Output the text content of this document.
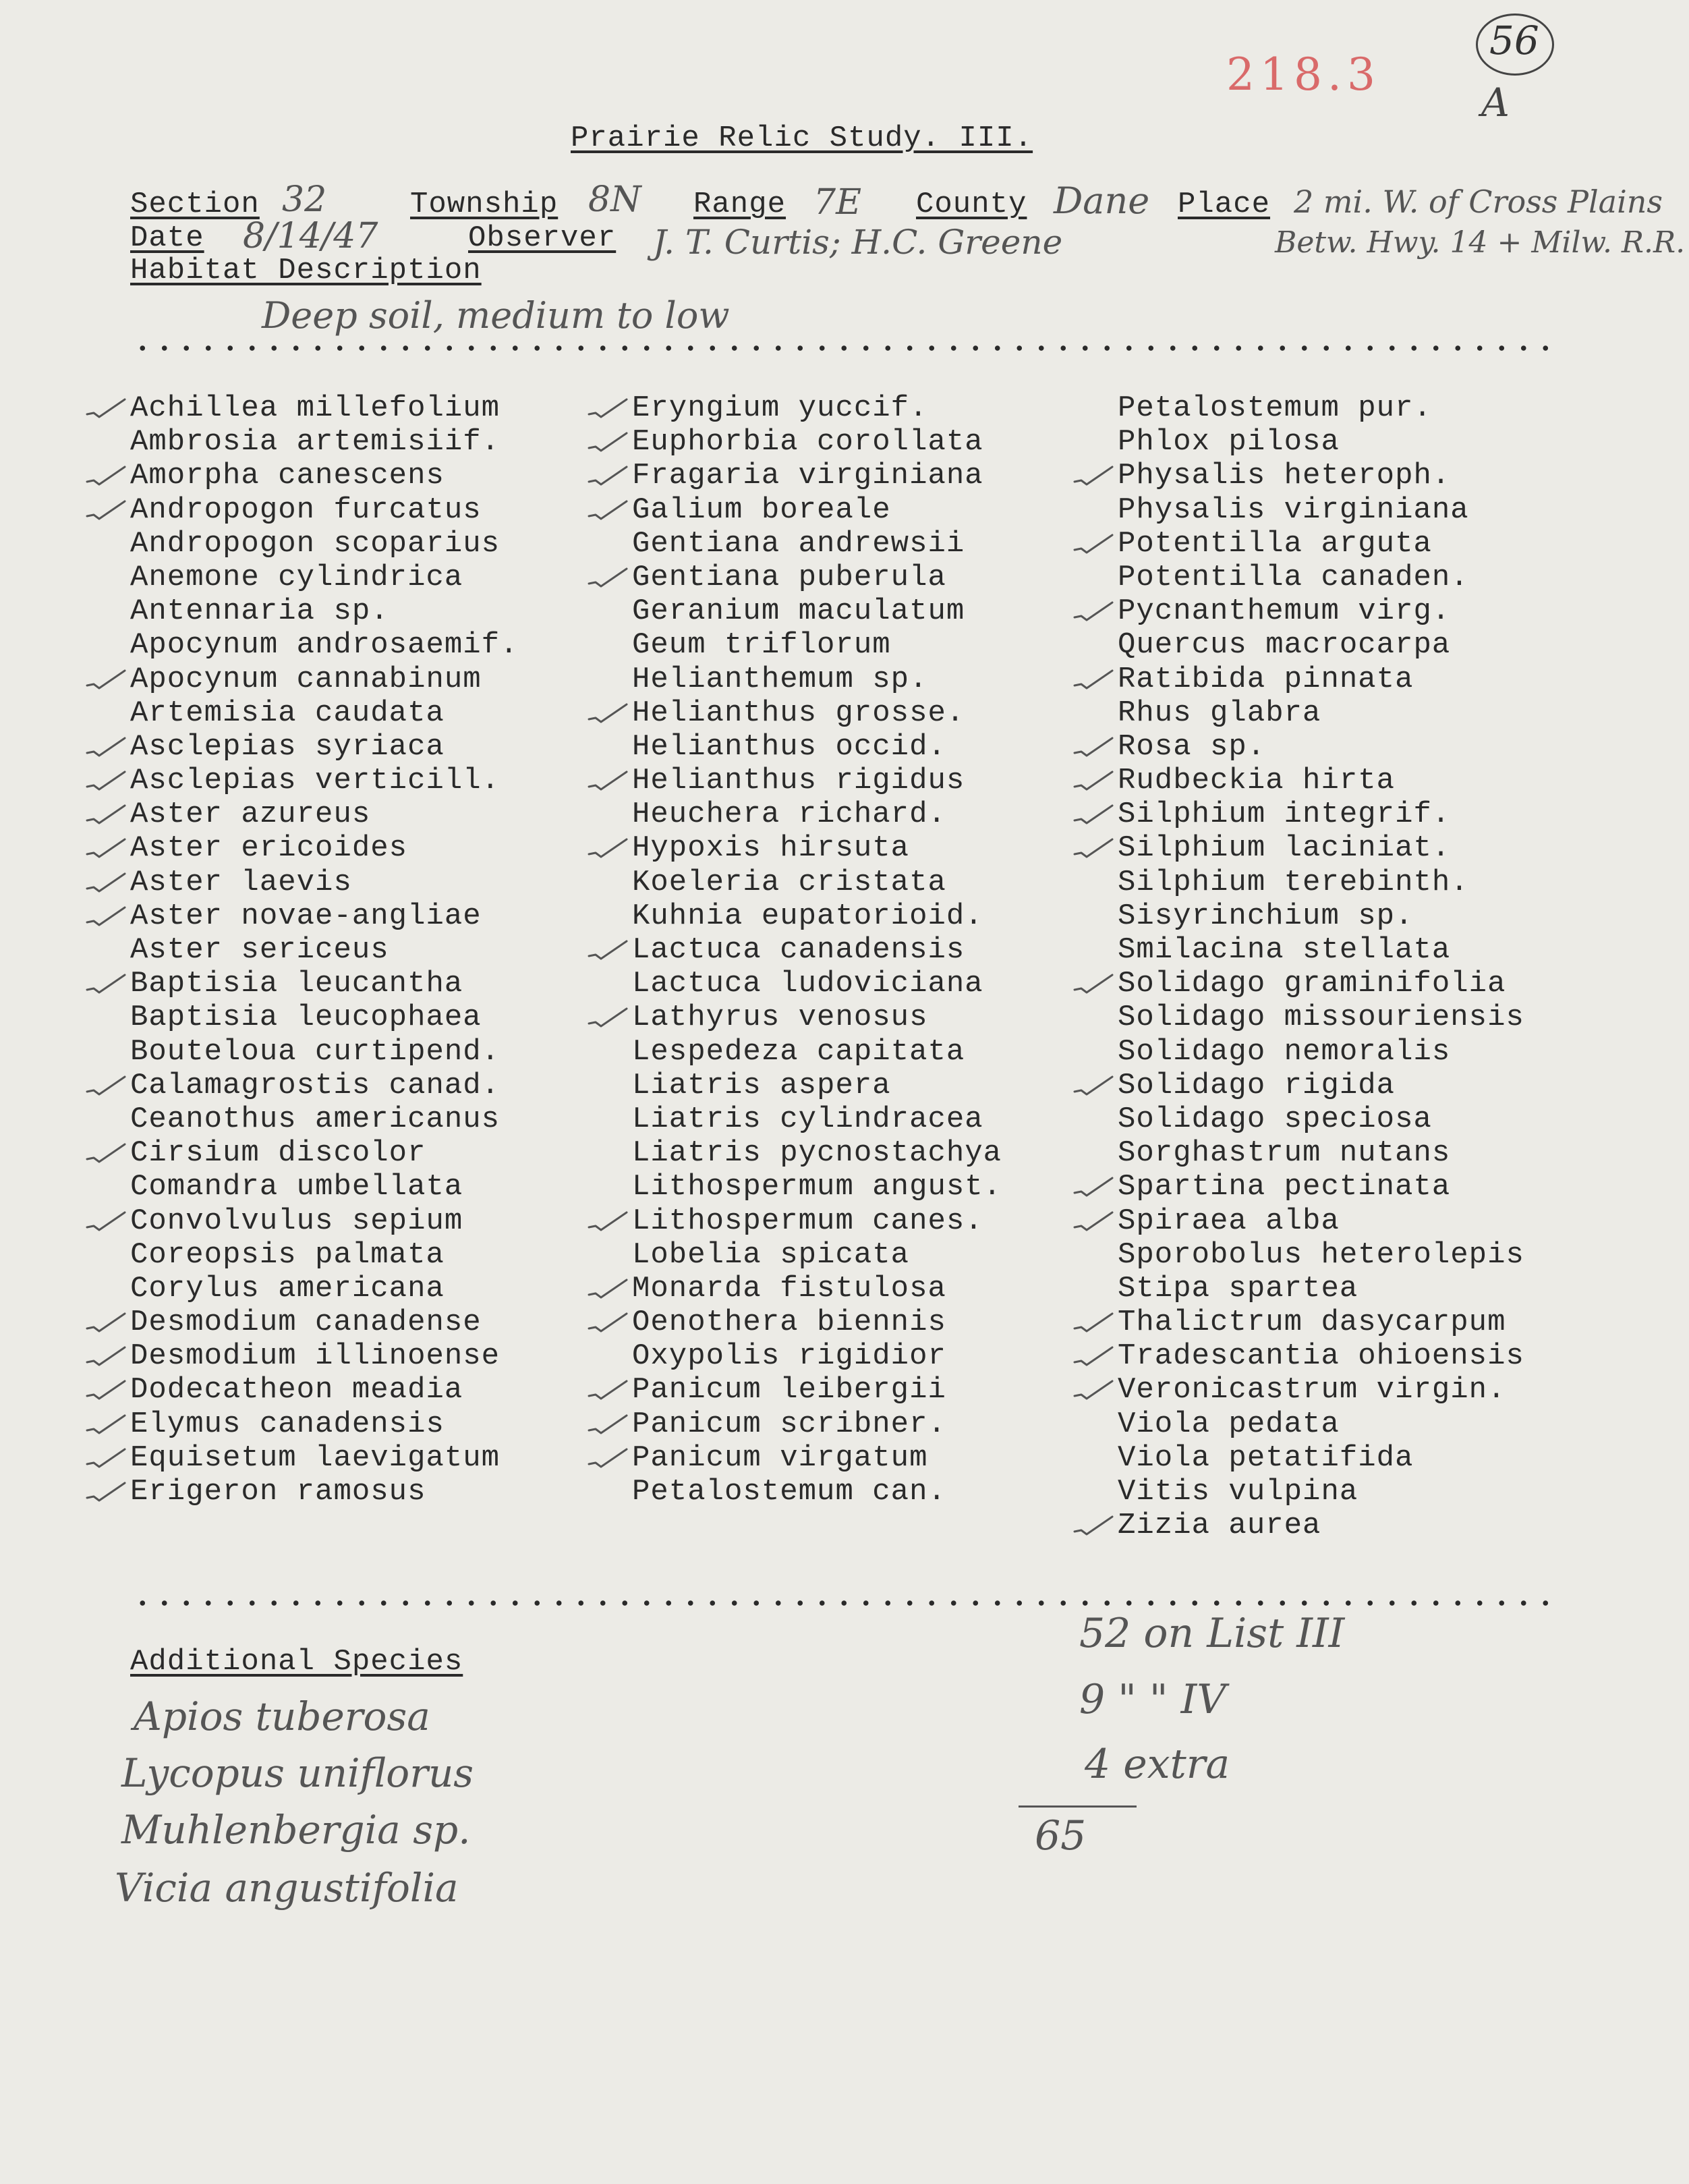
218.3
56
A
Prairie Relic Study. III.
Section 32	Township 8N Range 7E County Dane Place 2 mi. W. of Cross Plains
Betw. Hwy. 14 + Milw. R.R.
Date 8/14/47	Observer J. T. Curtis; H.C. Greene
Habitat Description
Deep soil, medium to low
Achillea millefolium
Ambrosia artemisiif.
Amorpha canescens
Andropogon furcatus
Andropogon scoparius
Anemone cylindrica
Antennaria sp.
Apocynum androsaemif.
Apocynum cannabinum
Artemisia caudata
Asclepias syriaca
Asclepias verticill.
Aster azureus
Aster ericoides
Aster laevis
Aster novae-angliae
Aster sericeus
Baptisia leucantha
Baptisia leucophaea
Bouteloua curtipend.
Calamagrostis canad.
Ceanothus americanus
Cirsium discolor
Comandra umbellata
Convolvulus sepium
Coreopsis palmata
Corylus americana
Desmodium canadense
Desmodium illinoense
Dodecatheon meadia
Elymus canadensis
Equisetum laevigatum
Erigeron ramosus
Eryngium yuccif.
Euphorbia corollata
Fragaria virginiana
Galium boreale
Gentiana andrewsii
Gentiana puberula
Geranium maculatum
Geum triflorum
Helianthemum sp.
Helianthus grosse.
Helianthus occid.
Helianthus rigidus
Heuchera richard.
Hypoxis hirsuta
Koeleria cristata
Kuhnia eupatorioid.
Lactuca canadensis
Lactuca ludoviciana
Lathyrus venosus
Lespedeza capitata
Liatris aspera
Liatris cylindracea
Liatris pycnostachya
Lithospermum angust.
Lithospermum canes.
Lobelia spicata
Monarda fistulosa
Oenothera biennis
Oxypolis rigidior
Panicum leibergii
Panicum scribner.
Panicum virgatum
Petalostemum can.
Petalostemum pur.
Phlox pilosa
Physalis heteroph.
Physalis virginiana
Potentilla arguta
Potentilla canaden.
Pycnanthemum virg.
Quercus macrocarpa
Ratibida pinnata
Rhus glabra
Rosa sp.
Rudbeckia hirta
Silphium integrif.
Silphium laciniat.
Silphium terebinth.
Sisyrinchium sp.
Smilacina stellata
Solidago graminifolia
Solidago missouriensis
Solidago nemoralis
Solidago rigida
Solidago speciosa
Sorghastrum nutans
Spartina pectinata
Spiraea alba
Sporobolus heterolepis
Stipa spartea
Thalictrum dasycarpum
Tradescantia ohioensis
Veronicastrum virgin.
Viola pedata
Viola petatifida
Vitis vulpina
Zizia aurea
Additional Species
Apios tuberosa
Lycopus uniflorus
Muhlenbergia sp.
Vicia angustifolia
52 on List III
9 " " IV
4 extra
65
